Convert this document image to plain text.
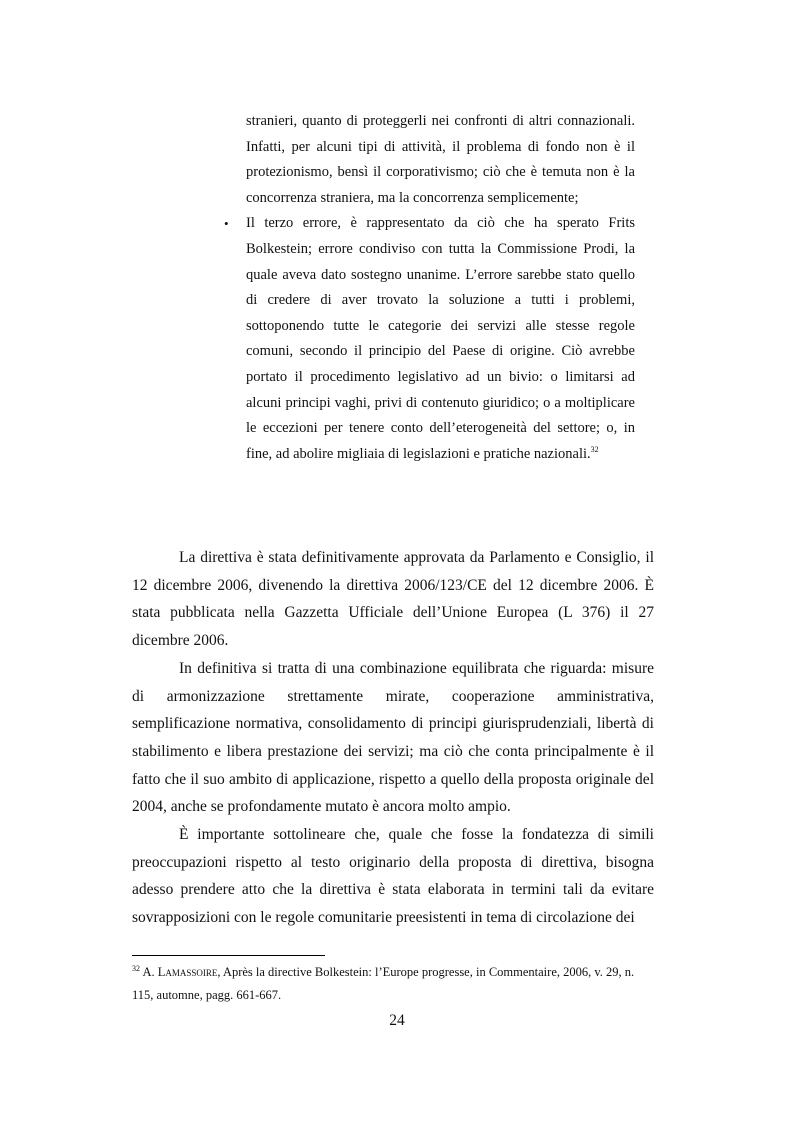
stranieri, quanto di proteggerli nei confronti di altri connazionali. Infatti, per alcuni tipi di attività, il problema di fondo non è il protezionismo, bensì il corporativismo; ciò che è temuta non è la concorrenza straniera, ma la concorrenza semplicemente;

• Il terzo errore, è rappresentato da ciò che ha sperato Frits Bolkestein; errore condiviso con tutta la Commissione Prodi, la quale aveva dato sostegno unanime. L’errore sarebbe stato quello di credere di aver trovato la soluzione a tutti i problemi, sottoponendo tutte le categorie dei servizi alle stesse regole comuni, secondo il principio del Paese di origine. Ciò avrebbe portato il procedimento legislativo ad un bivio: o limitarsi ad alcuni principi vaghi, privi di contenuto giuridico; o a moltiplicare le eccezioni per tenere conto dell’eterogeneità del settore; o, in fine, ad abolire migliaia di legislazioni e pratiche nazionali.$^{32}$

La direttiva è stata definitivamente approvata da Parlamento e Consiglio, il 12 dicembre 2006, divenendo la direttiva 2006/123/CE del 12 dicembre 2006. È stata pubblicata nella Gazzetta Ufficiale dell’Unione Europea (L 376) il 27 dicembre 2006.

In definitiva si tratta di una combinazione equilibrata che riguarda: misure di armonizzazione strettamente mirate, cooperazione amministrativa, semplificazione normativa, consolidamento di principi giurisprudenziali, libertà di stabilimento e libera prestazione dei servizi; ma ciò che conta principalmente è il fatto che il suo ambito di applicazione, rispetto a quello della proposta originale del 2004, anche se profondamente mutato è ancora molto ampio.

È importante sottolineare che, quale che fosse la fondatezza di simili preoccupazioni rispetto al testo originario della proposta di direttiva, bisogna adesso prendere atto che la direttiva è stata elaborata in termini tali da evitare sovrapposizioni con le regole comunitarie preesistenti in tema di circolazione dei

$^{32}$ A. Lamassoire, Après la directive Bolkestein: l’Europe progresse, in Commentaire, 2006, v. 29, n. 115, automne, pagg. 661-667.

24
